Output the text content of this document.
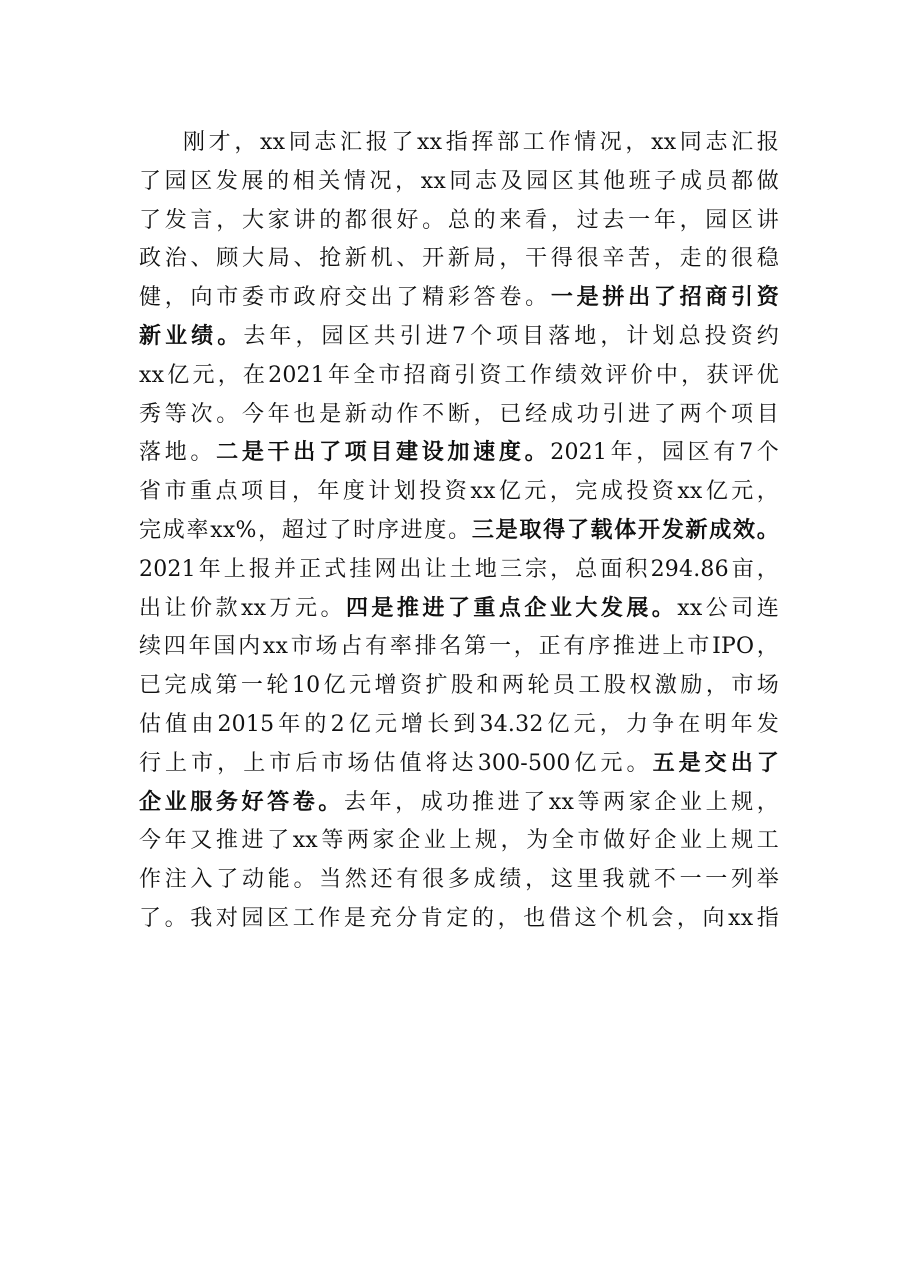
刚才，xx同志汇报了xx指挥部工作情况，xx同志汇报
了园区发展的相关情况，xx同志及园区其他班子成员都做
了发言，大家讲的都很好。总的来看，过去一年，园区讲
政治、顾大局、抢新机、开新局，干得很辛苦，走的很稳
健，向市委市政府交出了精彩答卷。一是拼出了招商引资
新业绩。去年，园区共引进7个项目落地，计划总投资约
xx亿元，在2021年全市招商引资工作绩效评价中，获评优
秀等次。今年也是新动作不断，已经成功引进了两个项目
落地。二是干出了项目建设加速度。2021年，园区有7个
省市重点项目，年度计划投资xx亿元，完成投资xx亿元，
完成率xx%，超过了时序进度。三是取得了载体开发新成效。
2021年上报并正式挂网出让土地三宗，总面积294.86亩，
出让价款xx万元。四是推进了重点企业大发展。xx公司连
续四年国内xx市场占有率排名第一，正有序推进上市IPO，
已完成第一轮10亿元增资扩股和两轮员工股权激励，市场
估值由2015年的2亿元增长到34.32亿元，力争在明年发
行上市，上市后市场估值将达300-500亿元。五是交出了
企业服务好答卷。去年，成功推进了xx等两家企业上规，
今年又推进了xx等两家企业上规，为全市做好企业上规工
作注入了动能。当然还有很多成绩，这里我就不一一列举
了。我对园区工作是充分肯定的，也借这个机会，向xx指
